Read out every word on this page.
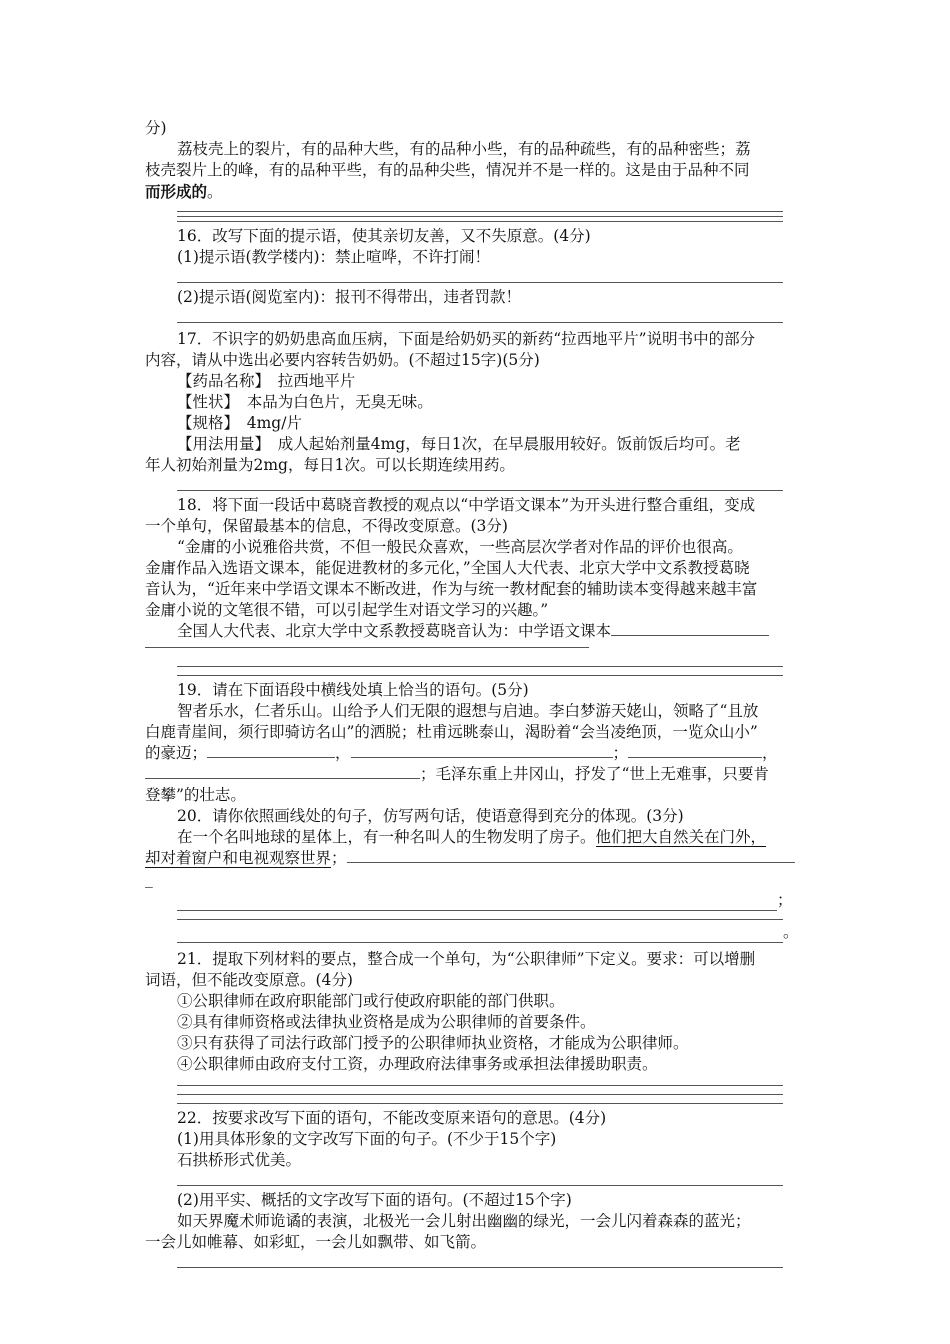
分)

荔枝壳上的裂片，有的品种大些，有的品种小些，有的品种疏些，有的品种密些；荔

枝壳裂片上的峰，有的品种平些，有的品种尖些，情况并不是一样的。这是由于品种不同

而形成的。

16．改写下面的提示语，使其亲切友善，又不失原意。(4分)

(1)提示语(教学楼内)：禁止喧哗，不许打闹！

(2)提示语(阅览室内)：报刊不得带出，违者罚款！

17．不识字的奶奶患高血压病，下面是给奶奶买的新药“拉西地平片”说明书中的部分

内容，请从中选出必要内容转告奶奶。(不超过15字)(5分)

【药品名称】　拉西地平片

【性状】　本品为白色片，无臭无味。

【规格】　4mg/片

【用法用量】　成人起始剂量4mg，每日1次，在早晨服用较好。饭前饭后均可。老

年人初始剂量为2mg，每日1次。可以长期连续用药。

18．将下面一段话中葛晓音教授的观点以“中学语文课本”为开头进行整合重组，变成

一个单句，保留最基本的信息，不得改变原意。(3分)

“金庸的小说雅俗共赏，不但一般民众喜欢，一些高层次学者对作品的评价也很高。

金庸作品入选语文课本，能促进教材的多元化，”全国人大代表、北京大学中文系教授葛晓

音认为，“近年来中学语文课本不断改进，作为与统一教材配套的辅助读本变得越来越丰富

金庸小说的文笔很不错，可以引起学生对语文学习的兴趣。”

全国人大代表、北京大学中文系教授葛晓音认为：中学语文课本

19．请在下面语段中横线处填上恰当的语句。(5分)

智者乐水，仁者乐山。山给予人们无限的遐想与启迪。李白梦游天姥山，领略了“且放

白鹿青崖间，须行即骑访名山”的洒脱；杜甫远眺泰山，渴盼着“会当凌绝顶，一览众山小”

的豪迈；	，	；	，

；毛泽东重上井冈山，抒发了“世上无难事，只要肯

登攀”的壮志。

20．请你依照画线处的句子，仿写两句话，使语意得到充分的体现。(3分)

在一个名叫地球的星体上，有一种名叫人的生物发明了房子。他们把大自然关在门外，

却对着窗户和电视观察世界；

_

；

。

21．提取下列材料的要点，整合成一个单句，为“公职律师”下定义。要求：可以增删

词语，但不能改变原意。(4分)

①公职律师在政府职能部门或行使政府职能的部门供职。

②具有律师资格或法律执业资格是成为公职律师的首要条件。

③只有获得了司法行政部门授予的公职律师执业资格，才能成为公职律师。

④公职律师由政府支付工资，办理政府法律事务或承担法律援助职责。

22．按要求改写下面的语句，不能改变原来语句的意思。(4分)

(1)用具体形象的文字改写下面的句子。(不少于15个字)

石拱桥形式优美。

(2)用平实、概括的文字改写下面的语句。(不超过15个字)

如天界魔术师诡谲的表演，北极光一会儿射出幽幽的绿光，一会儿闪着森森的蓝光；

一会儿如帷幕、如彩虹，一会儿如飘带、如飞箭。
